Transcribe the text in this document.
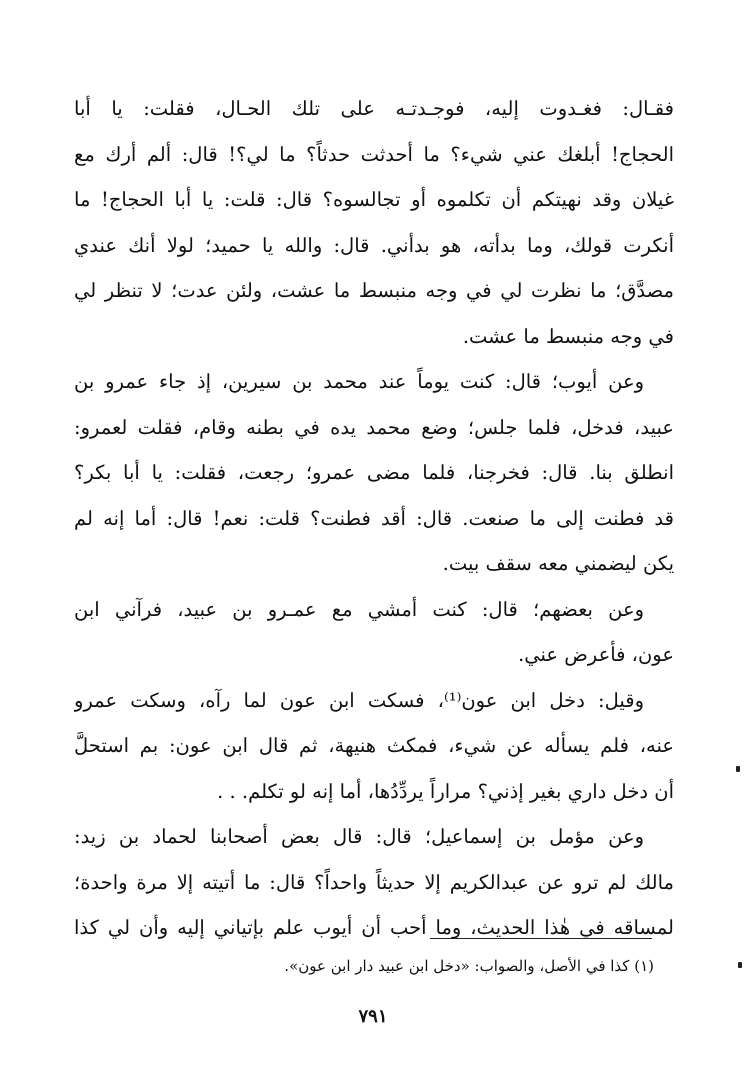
فقـال: فغـدوت إليه، فوجـدتـه على تلك الحـال، فقلت: يا أبا
الحجاج! أبلغك عني شيء؟ ما أحدثت حدثاً؟ ما لي؟! قال: ألم أرك مع
غيلان وقد نهيتكم أن تكلموه أو تجالسوه؟ قال: قلت: يا أبا الحجاج! ما
أنكرت قولك، وما بدأته، هو بدأني. قال: والله يا حميد؛ لولا أنك عندي
مصدَّق؛ ما نظرت لي في وجه منبسط ما عشت، ولئن عدت؛ لا تنظر لي
في وجه منبسط ما عشت.
وعن أيوب؛ قال: كنت يوماً عند محمد بن سيرين، إذ جاء عمرو بن
عبيد، فدخل، فلما جلس؛ وضع محمد يده في بطنه وقام، فقلت لعمرو:
انطلق بنا. قال: فخرجنا، فلما مضى عمرو؛ رجعت، فقلت: يا أبا بكر؟
قد فطنت إلى ما صنعت. قال: أقد فطنت؟ قلت: نعم! قال: أما إنه لم
يكن ليضمني معه سقف بيت.
وعن بعضهم؛ قال: كنت أمشي مع عمـرو بن عبيد، فرآني ابن
عون، فأعرض عني.
وقيل: دخل ابن عون⁽¹⁾، فسكت ابن عون لما رآه، وسكت عمرو
عنه، فلم يسأله عن شيء، فمكث هنيهة، ثم قال ابن عون: بم استحلَّ
أن دخل داري بغير إذني؟ مراراً يردِّدُها، أما إنه لو تكلم. . .
وعن مؤمل بن إسماعيل؛ قال: قال بعض أصحابنا لحماد بن زيد:
مالك لم ترو عن عبدالكريم إلا حديثاً واحداً؟ قال: ما أتيته إلا مرة واحدة؛
لمساقه في هٰذا الحديث، وما أحب أن أيوب علم بإتياني إليه وأن لي كذا
(١) كذا في الأصل، والصواب: «دخل ابن عبيد دار ابن عون».
٧٩١
